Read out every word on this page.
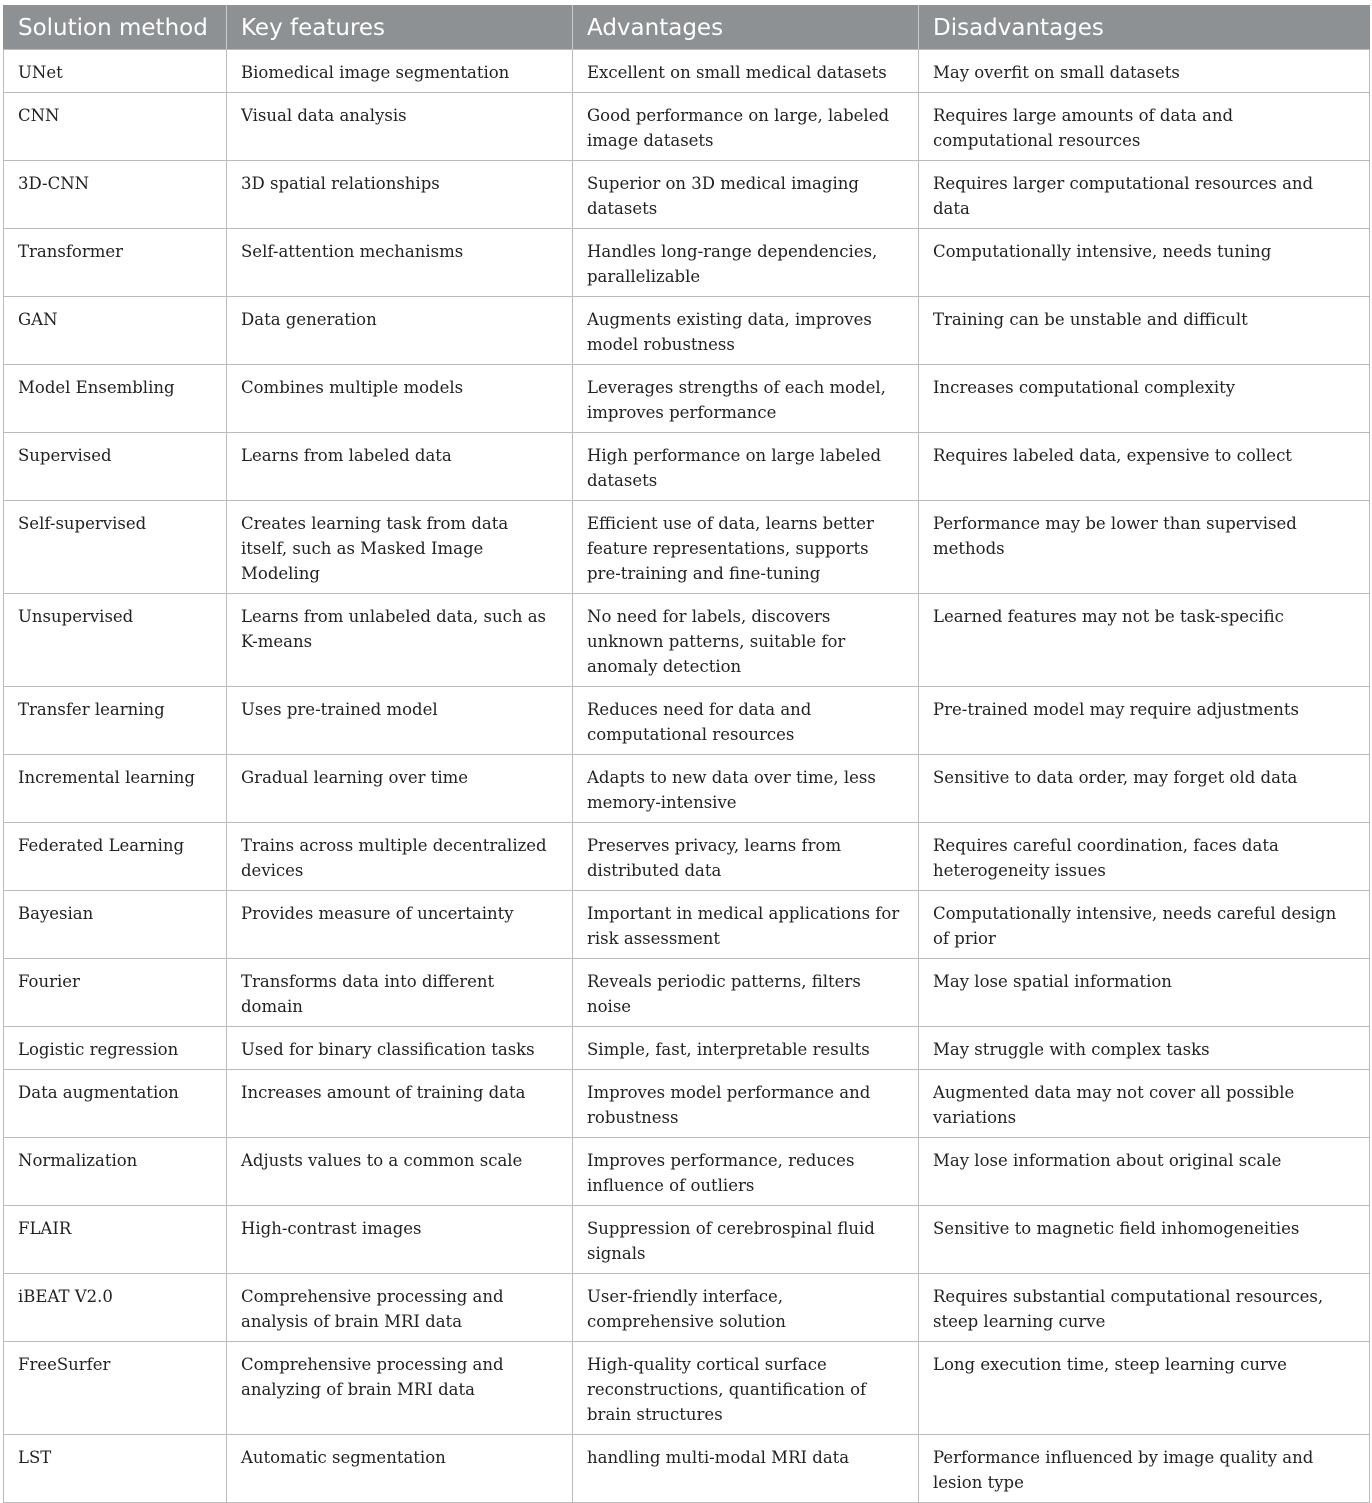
Solution method	Key features	Advantages	Disadvantages
UNet	Biomedical image segmentation	Excellent on small medical datasets	May overfit on small datasets
CNN	Visual data analysis	Good performance on large, labeled image datasets	Requires large amounts of data and computational resources
3D-CNN	3D spatial relationships	Superior on 3D medical imaging datasets	Requires larger computational resources and data
Transformer	Self-attention mechanisms	Handles long-range dependencies, parallelizable	Computationally intensive, needs tuning
GAN	Data generation	Augments existing data, improves model robustness	Training can be unstable and difficult
Model Ensembling	Combines multiple models	Leverages strengths of each model, improves performance	Increases computational complexity
Supervised	Learns from labeled data	High performance on large labeled datasets	Requires labeled data, expensive to collect
Self-supervised	Creates learning task from data itself, such as Masked Image Modeling	Efficient use of data, learns better feature representations, supports pre-training and fine-tuning	Performance may be lower than supervised methods
Unsupervised	Learns from unlabeled data, such as K-means	No need for labels, discovers unknown patterns, suitable for anomaly detection	Learned features may not be task-specific
Transfer learning	Uses pre-trained model	Reduces need for data and computational resources	Pre-trained model may require adjustments
Incremental learning	Gradual learning over time	Adapts to new data over time, less memory-intensive	Sensitive to data order, may forget old data
Federated Learning	Trains across multiple decentralized devices	Preserves privacy, learns from distributed data	Requires careful coordination, faces data heterogeneity issues
Bayesian	Provides measure of uncertainty	Important in medical applications for risk assessment	Computationally intensive, needs careful design of prior
Fourier	Transforms data into different domain	Reveals periodic patterns, filters noise	May lose spatial information
Logistic regression	Used for binary classification tasks	Simple, fast, interpretable results	May struggle with complex tasks
Data augmentation	Increases amount of training data	Improves model performance and robustness	Augmented data may not cover all possible variations
Normalization	Adjusts values to a common scale	Improves performance, reduces influence of outliers	May lose information about original scale
FLAIR	High-contrast images	Suppression of cerebrospinal fluid signals	Sensitive to magnetic field inhomogeneities
iBEAT V2.0	Comprehensive processing and analysis of brain MRI data	User-friendly interface, comprehensive solution	Requires substantial computational resources, steep learning curve
FreeSurfer	Comprehensive processing and analyzing of brain MRI data	High-quality cortical surface reconstructions, quantification of brain structures	Long execution time, steep learning curve
LST	Automatic segmentation	handling multi-modal MRI data	Performance influenced by image quality and lesion type
